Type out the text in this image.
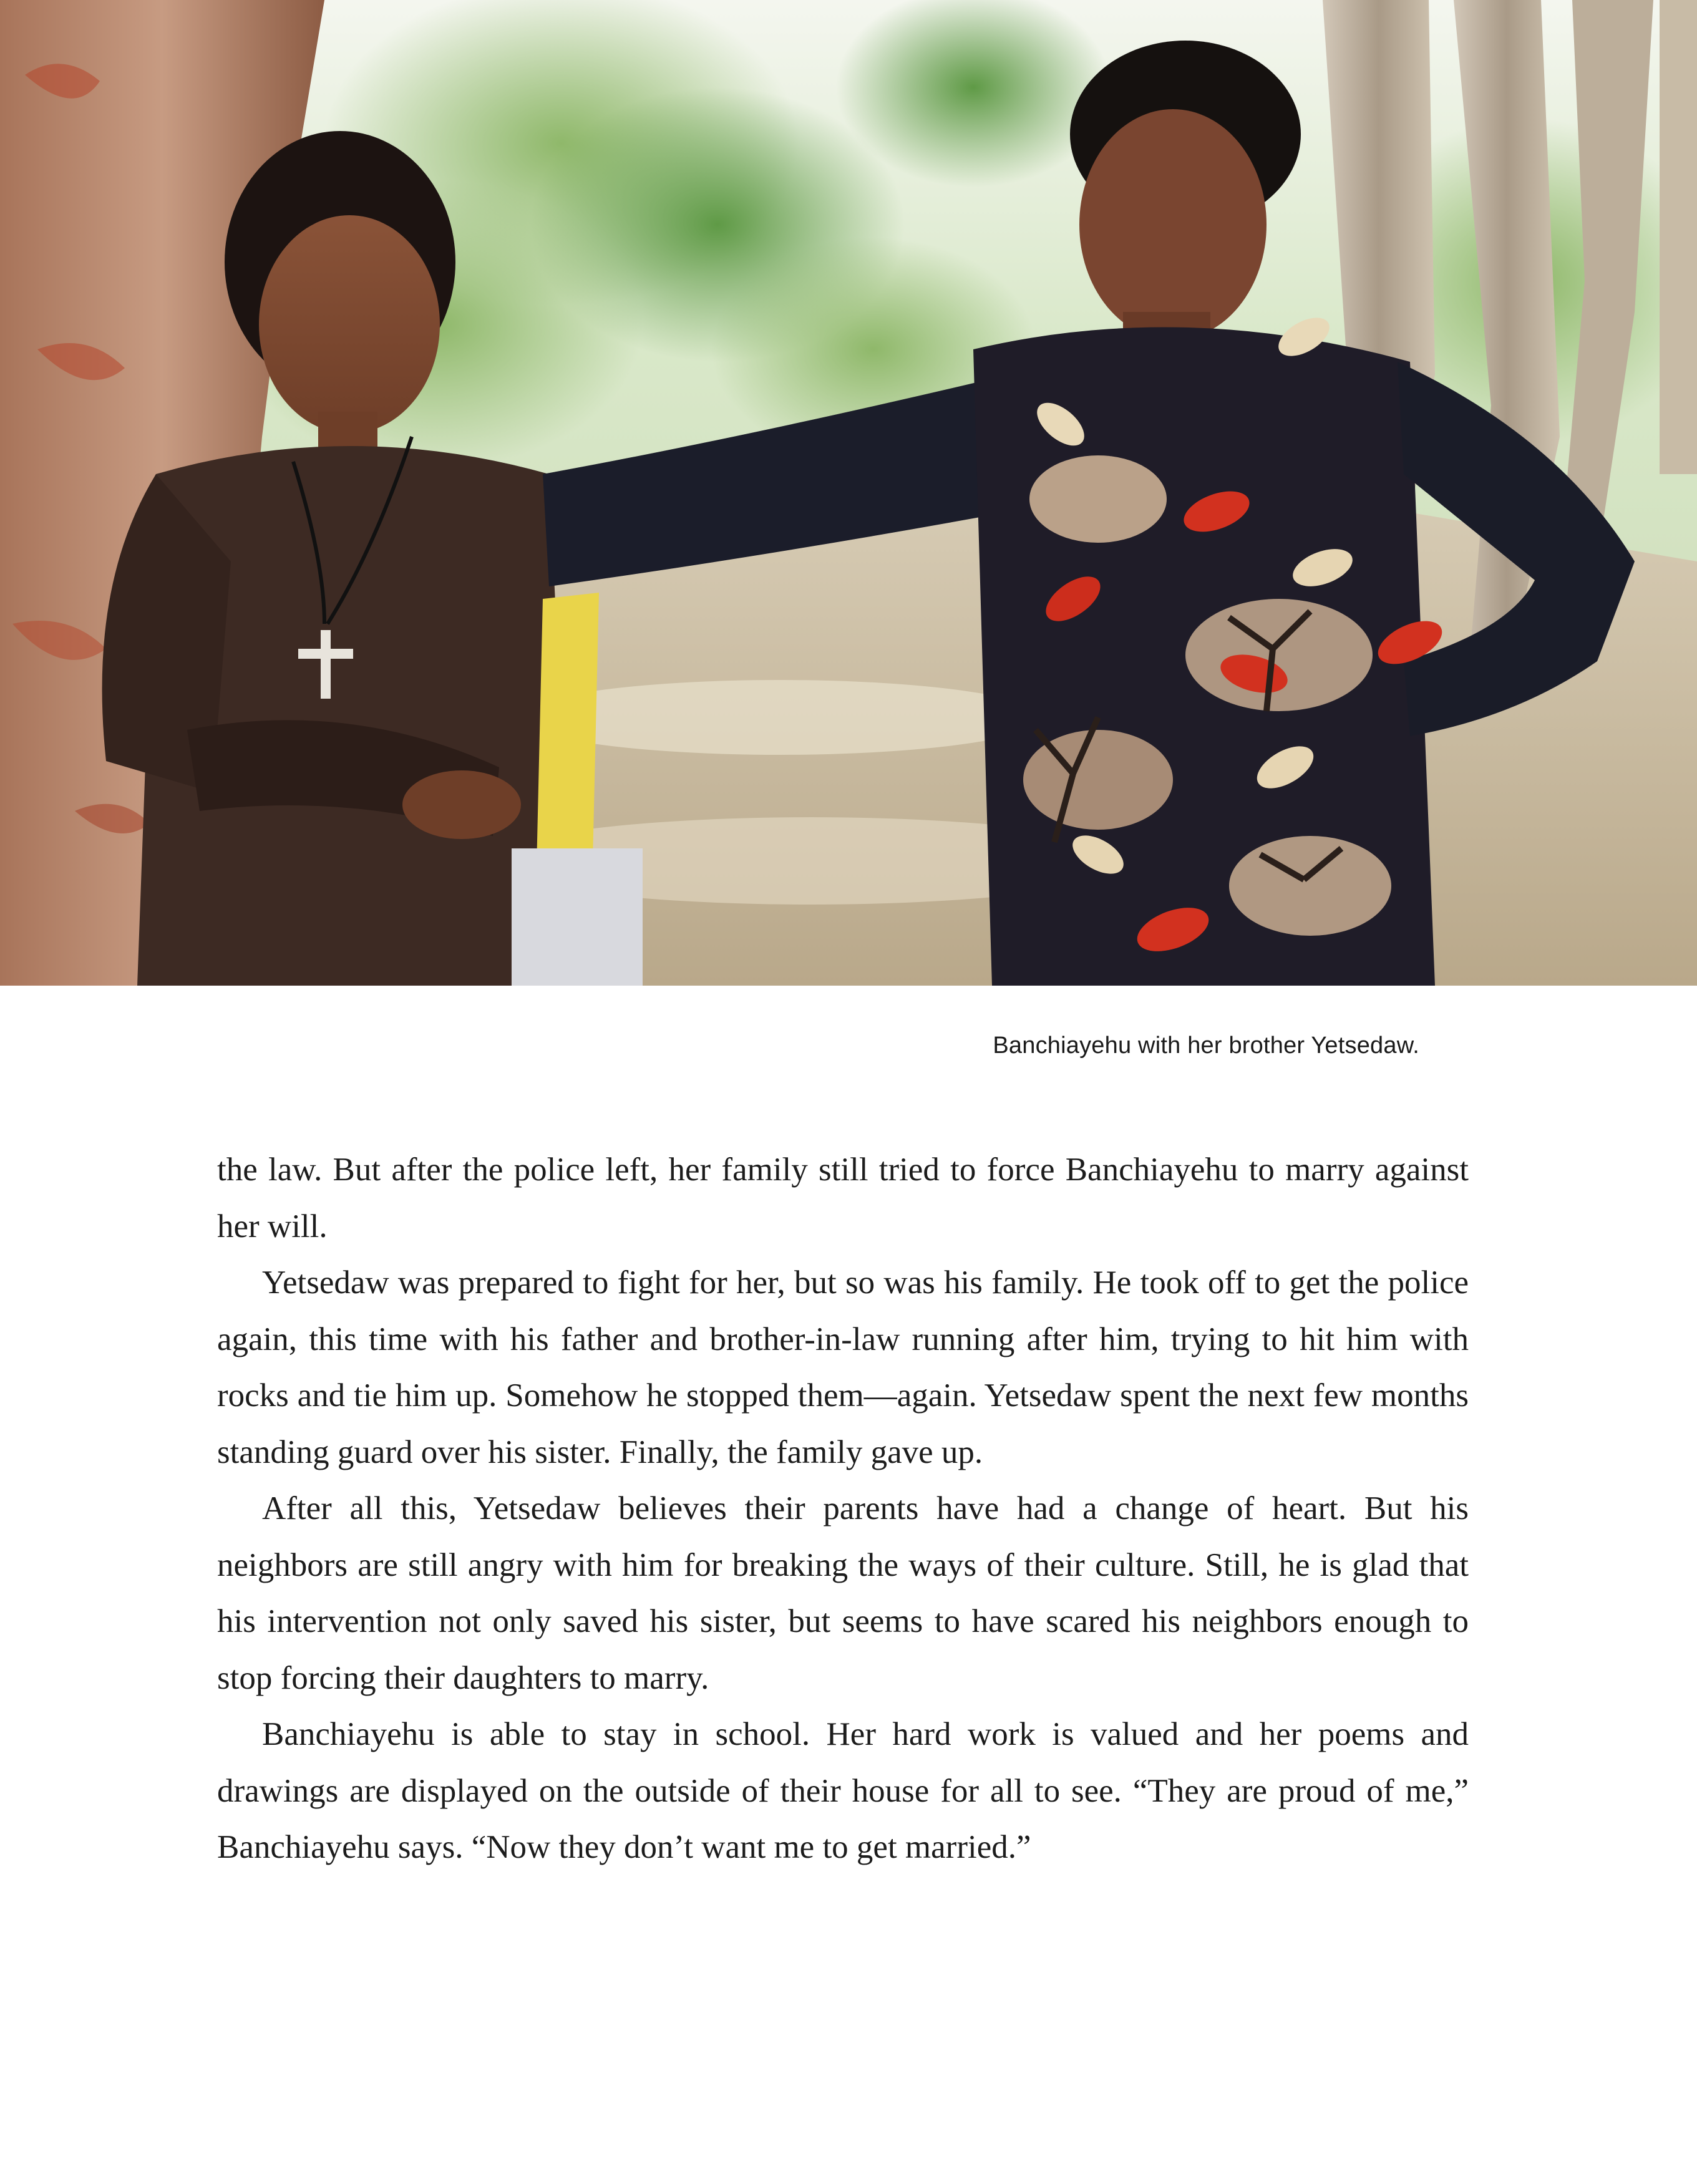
Banchiayehu with her brother Yetsedaw.

the law. But after the police left, her family still tried to force Banchiayehu to marry against her will.

Yetsedaw was prepared to fight for her, but so was his family. He took off to get the police again, this time with his father and brother-in-law running after him, trying to hit him with rocks and tie him up. Somehow he stopped them—again. Yetsedaw spent the next few months standing guard over his sister. Finally, the family gave up.

After all this, Yetsedaw believes their parents have had a change of heart. But his neighbors are still angry with him for breaking the ways of their culture. Still, he is glad that his intervention not only saved his sister, but seems to have scared his neighbors enough to stop forcing their daughters to marry.

Banchiayehu is able to stay in school. Her hard work is valued and her poems and drawings are displayed on the outside of their house for all to see. “They are proud of me,” Banchiayehu says. “Now they don’t want me to get married.”
